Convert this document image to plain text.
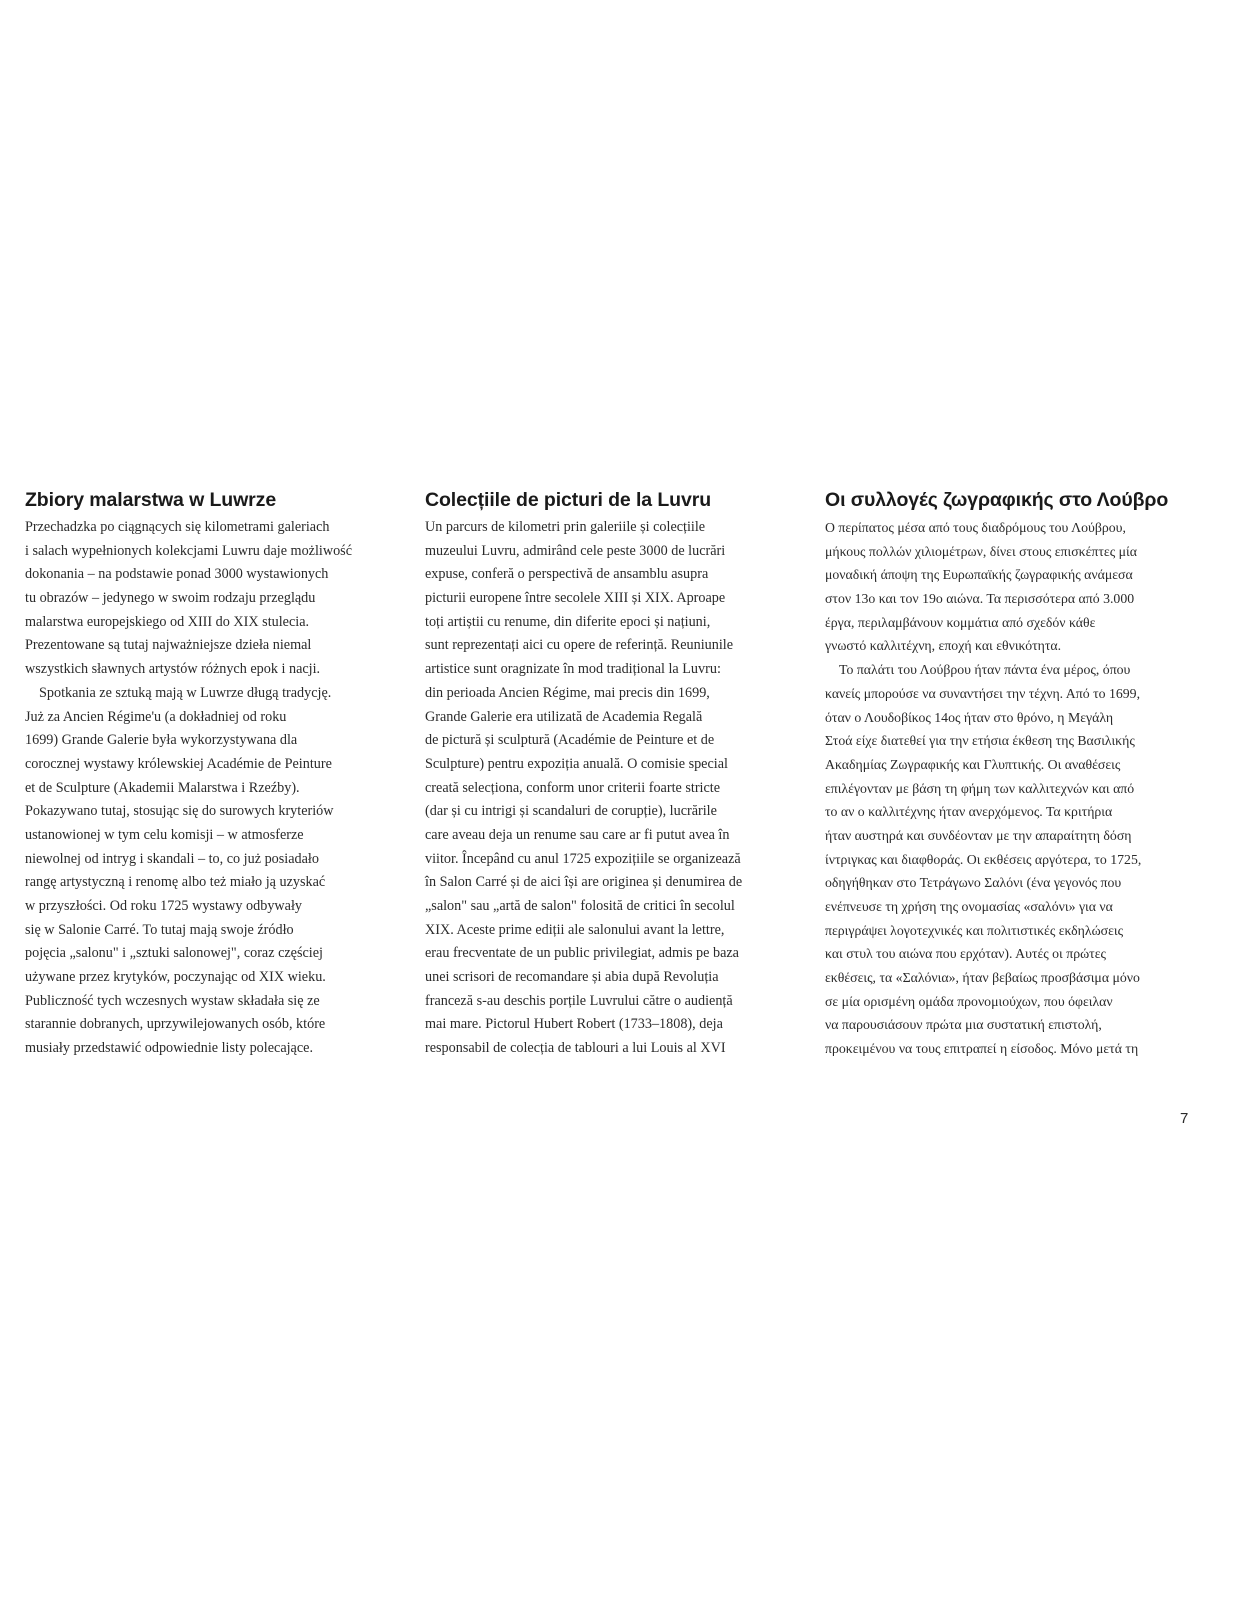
Zbiory malarstwa w Luwrze
Przechadzka po ciągnących się kilometrami galeriach
i salach wypełnionych kolekcjami Luwru daje możliwość
dokonania – na podstawie ponad 3000 wystawionych
tu obrazów – jedynego w swoim rodzaju przeglądu
malarstwa europejskiego od XIII do XIX stulecia.
Prezentowane są tutaj najważniejsze dzieła niemal
wszystkich sławnych artystów różnych epok i nacji.
Spotkania ze sztuką mają w Luwrze długą tradycję.
Już za Ancien Régime'u (a dokładniej od roku
1699) Grande Galerie była wykorzystywana dla
corocznej wystawy królewskiej Académie de Peinture
et de Sculpture (Akademii Malarstwa i Rzeźby).
Pokazywano tutaj, stosując się do surowych kryteriów
ustanowionej w tym celu komisji – w atmosferze
niewolnej od intryg i skandali – to, co już posiadało
rangę artystyczną i renomę albo też miało ją uzyskać
w przyszłości. Od roku 1725 wystawy odbywały
się w Salonie Carré. To tutaj mają swoje źródło
pojęcia „salonu" i „sztuki salonowej", coraz częściej
używane przez krytyków, poczynając od XIX wieku.
Publiczność tych wczesnych wystaw składała się ze
starannie dobranych, uprzywilejowanych osób, które
musiały przedstawić odpowiednie listy polecające.
Colecțiile de picturi de la Luvru
Un parcurs de kilometri prin galeriile și colecțiile
muzeului Luvru, admirând cele peste 3000 de lucrări
expuse, conferă o perspectivă de ansamblu asupra
picturii europene între secolele XIII și XIX. Aproape
toți artiștii cu renume, din diferite epoci și națiuni,
sunt reprezentați aici cu opere de referință. Reuniunile
artistice sunt oragnizate în mod tradițional la Luvru:
din perioada Ancien Régime, mai precis din 1699,
Grande Galerie era utilizată de Academia Regală
de pictură și sculptură (Académie de Peinture et de
Sculpture) pentru expoziția anuală. O comisie special
creată selecționa, conform unor criterii foarte stricte
(dar și cu intrigi și scandaluri de corupție), lucrările
care aveau deja un renume sau care ar fi putut avea în
viitor. Începând cu anul 1725 expozițiile se organizează
în Salon Carré și de aici își are originea și denumirea de
„salon" sau „artă de salon" folosită de critici în secolul
XIX. Aceste prime ediții ale salonului avant la lettre,
erau frecventate de un public privilegiat, admis pe baza
unei scrisori de recomandare și abia după Revoluția
franceză s-au deschis porțile Luvrului către o audiență
mai mare. Pictorul Hubert Robert (1733–1808), deja
responsabil de colecția de tablouri a lui Louis al XVI
Οι συλλογές ζωγραφικής στο Λούβρο
Ο περίπατος μέσα από τους διαδρόμους του Λούβρου,
μήκους πολλών χιλιομέτρων, δίνει στους επισκέπτες μία
μοναδική άποψη της Ευρωπαϊκής ζωγραφικής ανάμεσα
στον 13ο και τον 19ο αιώνα. Τα περισσότερα από 3.000
έργα, περιλαμβάνουν κομμάτια από σχεδόν κάθε
γνωστό καλλιτέχνη, εποχή και εθνικότητα.
Το παλάτι του Λούβρου ήταν πάντα ένα μέρος, όπου
κανείς μπορούσε να συναντήσει την τέχνη. Από το 1699,
όταν ο Λουδοβίκος 14ος ήταν στο θρόνο, η Μεγάλη
Στοά είχε διατεθεί για την ετήσια έκθεση της Βασιλικής
Ακαδημίας Ζωγραφικής και Γλυπτικής. Οι αναθέσεις
επιλέγονταν με βάση τη φήμη των καλλιτεχνών και από
το αν ο καλλιτέχνης ήταν ανερχόμενος. Τα κριτήρια
ήταν αυστηρά και συνδέονταν με την απαραίτητη δόση
ίντριγκας και διαφθοράς. Οι εκθέσεις αργότερα, το 1725,
οδηγήθηκαν στο Τετράγωνο Σαλόνι (ένα γεγονός που
ενέπνευσε τη χρήση της ονομασίας «σαλόνι» για να
περιγράψει λογοτεχνικές και πολιτιστικές εκδηλώσεις
και στυλ του αιώνα που ερχόταν). Αυτές οι πρώτες
εκθέσεις, τα «Σαλόνια», ήταν βεβαίως προσβάσιμα μόνο
σε μία ορισμένη ομάδα προνομιούχων, που όφειλαν
να παρουσιάσουν πρώτα μια συστατική επιστολή,
προκειμένου να τους επιτραπεί η είσοδος. Μόνο μετά τη
7
